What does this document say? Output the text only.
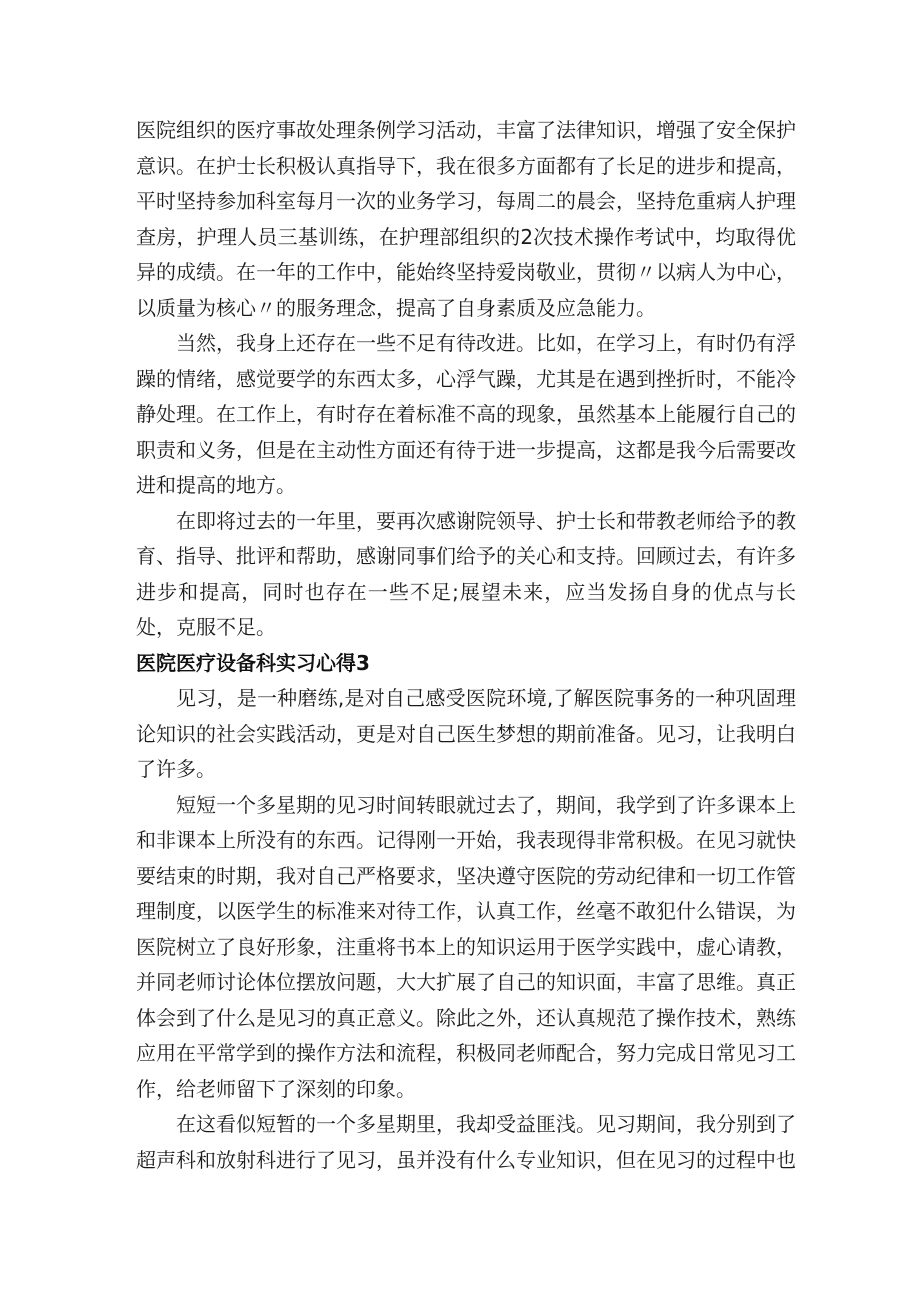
医院组织的医疗事故处理条例学习活动，丰富了法律知识，增强了安全保护意识。在护士长积极认真指导下，我在很多方面都有了长足的进步和提高，平时坚持参加科室每月一次的业务学习，每周二的晨会，坚持危重病人护理查房，护理人员三基训练，在护理部组织的2次技术操作考试中，均取得优异的成绩。在一年的工作中，能始终坚持爱岗敬业，贯彻〃以病人为中心，以质量为核心〃的服务理念，提高了自身素质及应急能力。

当然，我身上还存在一些不足有待改进。比如，在学习上，有时仍有浮躁的情绪，感觉要学的东西太多，心浮气躁，尤其是在遇到挫折时，不能冷静处理。在工作上，有时存在着标准不高的现象，虽然基本上能履行自己的职责和义务，但是在主动性方面还有待于进一步提高，这都是我今后需要改进和提高的地方。

在即将过去的一年里，要再次感谢院领导、护士长和带教老师给予的教育、指导、批评和帮助，感谢同事们给予的关心和支持。回顾过去，有许多进步和提高，同时也存在一些不足;展望未来，应当发扬自身的优点与长处，克服不足。

医院医疗设备科实习心得3

见习，是一种磨练,是对自己感受医院环境,了解医院事务的一种巩固理论知识的社会实践活动，更是对自己医生梦想的期前准备。见习，让我明白了许多。

短短一个多星期的见习时间转眼就过去了，期间，我学到了许多课本上和非课本上所没有的东西。记得刚一开始，我表现得非常积极。在见习就快要结束的时期，我对自己严格要求，坚决遵守医院的劳动纪律和一切工作管理制度，以医学生的标准来对待工作，认真工作，丝毫不敢犯什么错误，为医院树立了良好形象，注重将书本上的知识运用于医学实践中，虚心请教，并同老师讨论体位摆放问题，大大扩展了自己的知识面，丰富了思维。真正体会到了什么是见习的真正意义。除此之外，还认真规范了操作技术，熟练应用在平常学到的操作方法和流程，积极同老师配合，努力完成日常见习工作，给老师留下了深刻的印象。

在这看似短暂的一个多星期里，我却受益匪浅。见习期间，我分别到了超声科和放射科进行了见习，虽并没有什么专业知识，但在见习的过程中也
